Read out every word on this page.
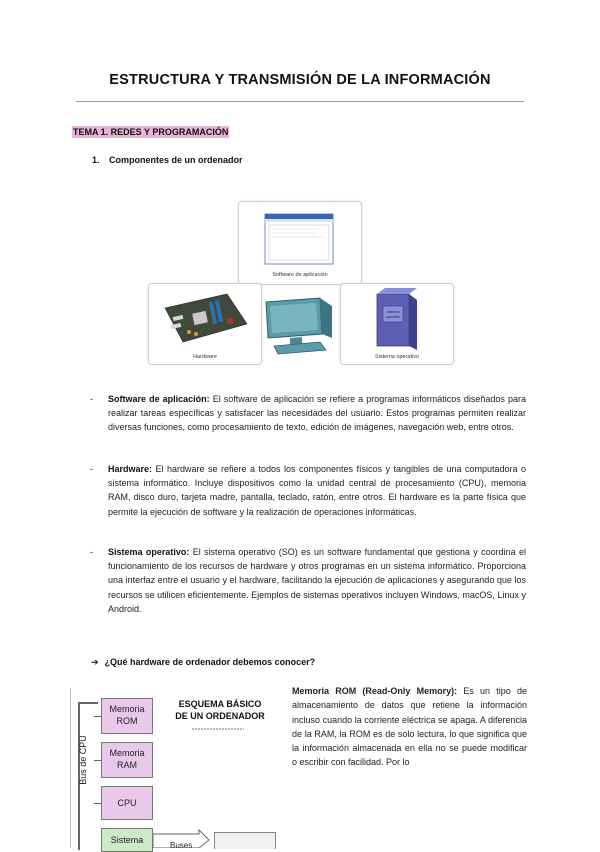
ESTRUCTURA Y TRANSMISIÓN DE LA INFORMACIÓN
TEMA 1. REDES Y PROGRAMACIÓN
1. Componentes de un ordenador
Software de aplicación
Hardware
Sistema
operativo
Sistema operativo
- Software de aplicación: El software de aplicación se refiere a programas informáticos diseñados para realizar tareas específicas y satisfacer las necesidades del usuario. Estos programas permiten realizar diversas funciones, como procesamiento de texto, edición de imágenes, navegación web, entre otros.
- Hardware: El hardware se refiere a todos los componentes físicos y tangibles de una computadora o sistema informático. Incluye dispositivos como la unidad central de procesamiento (CPU), memoria RAM, disco duro, tarjeta madre, pantalla, teclado, ratón, entre otros. El hardware es la parte física que permite la ejecución de software y la realización de operaciones informáticas.
- Sistema operativo: El sistema operativo (SO) es un software fundamental que gestiona y coordina el funcionamiento de los recursos de hardware y otros programas en un sistema informático. Proporciona una interfaz entre el usuario y el hardware, facilitando la ejecución de aplicaciones y asegurando que los recursos se utilicen eficientemente. Ejemplos de sistemas operativos incluyen Windows, macOS, Linux y Android.
➔ ¿Qué hardware de ordenador debemos conocer?
Bus de CPU
ESQUEMA BÁSICO
DE UN ORDENADOR
Memoria ROM
Memoria RAM
CPU
Sistema
Buses
Memoria ROM (Read-Only Memory): Es un tipo de almacenamiento de datos que retiene la información incluso cuando la corriente eléctrica se apaga. A diferencia de la RAM, la ROM es de solo lectura, lo que significa que la información almacenada en ella no se puede modificar o escribir con facilidad. Por lo
